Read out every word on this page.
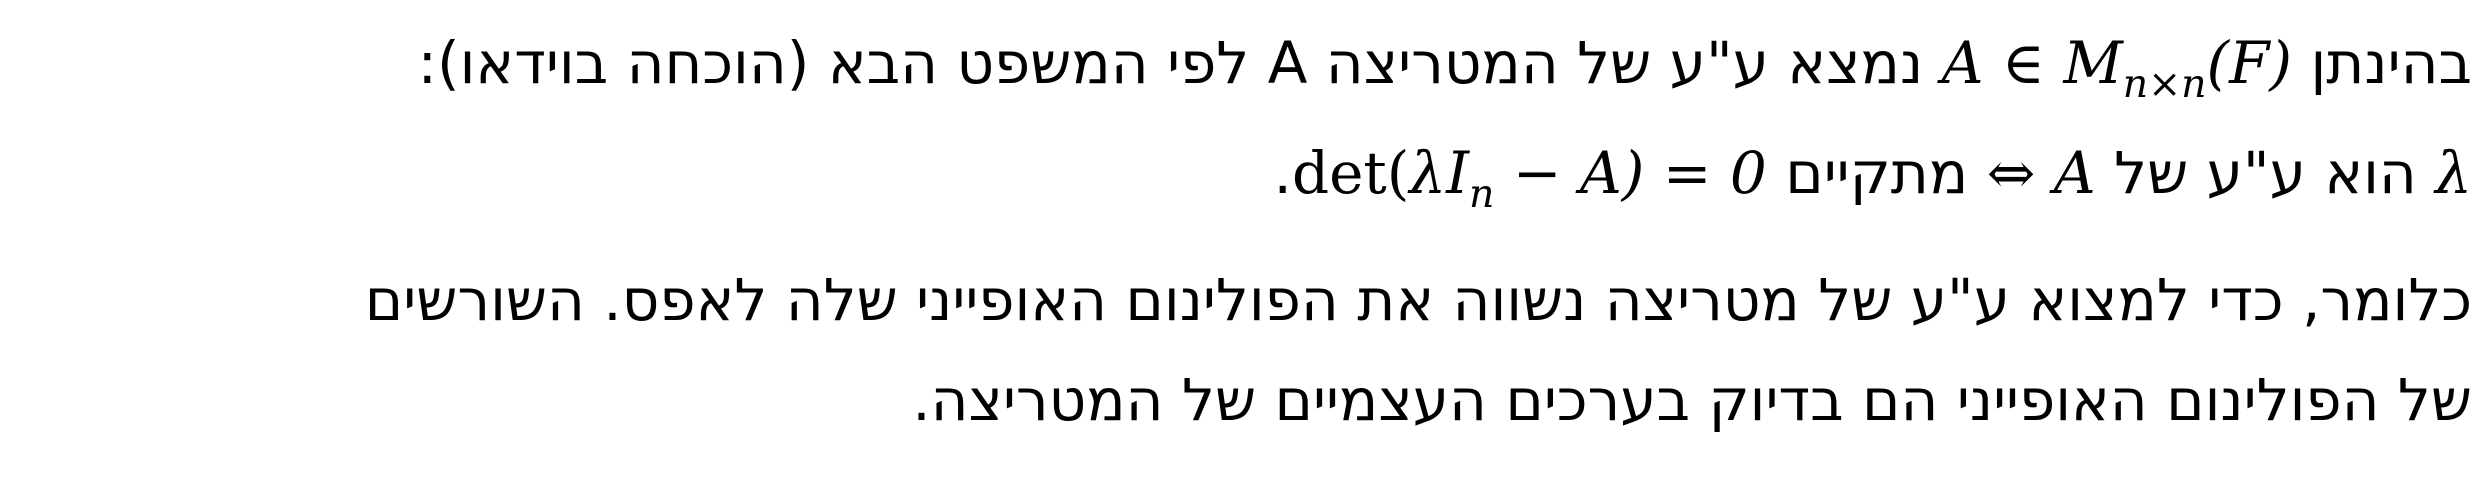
בהינתן A ∈ $M_{n\times n}(F)$ נמצא ע"ע של המטריצה A לפי המשפט הבא (הוכחה בוידאו):
λ הוא ע"ע של A ⇔ מתקיים $\det(\lambda I_n - A) = 0$.
כלומר, כדי למצוא ע"ע של מטריצה נשווה את הפולינום האופייני שלה לאפס. השורשים
של הפולינום האופייני הם בדיוק בערכים העצמיים של המטריצה.
